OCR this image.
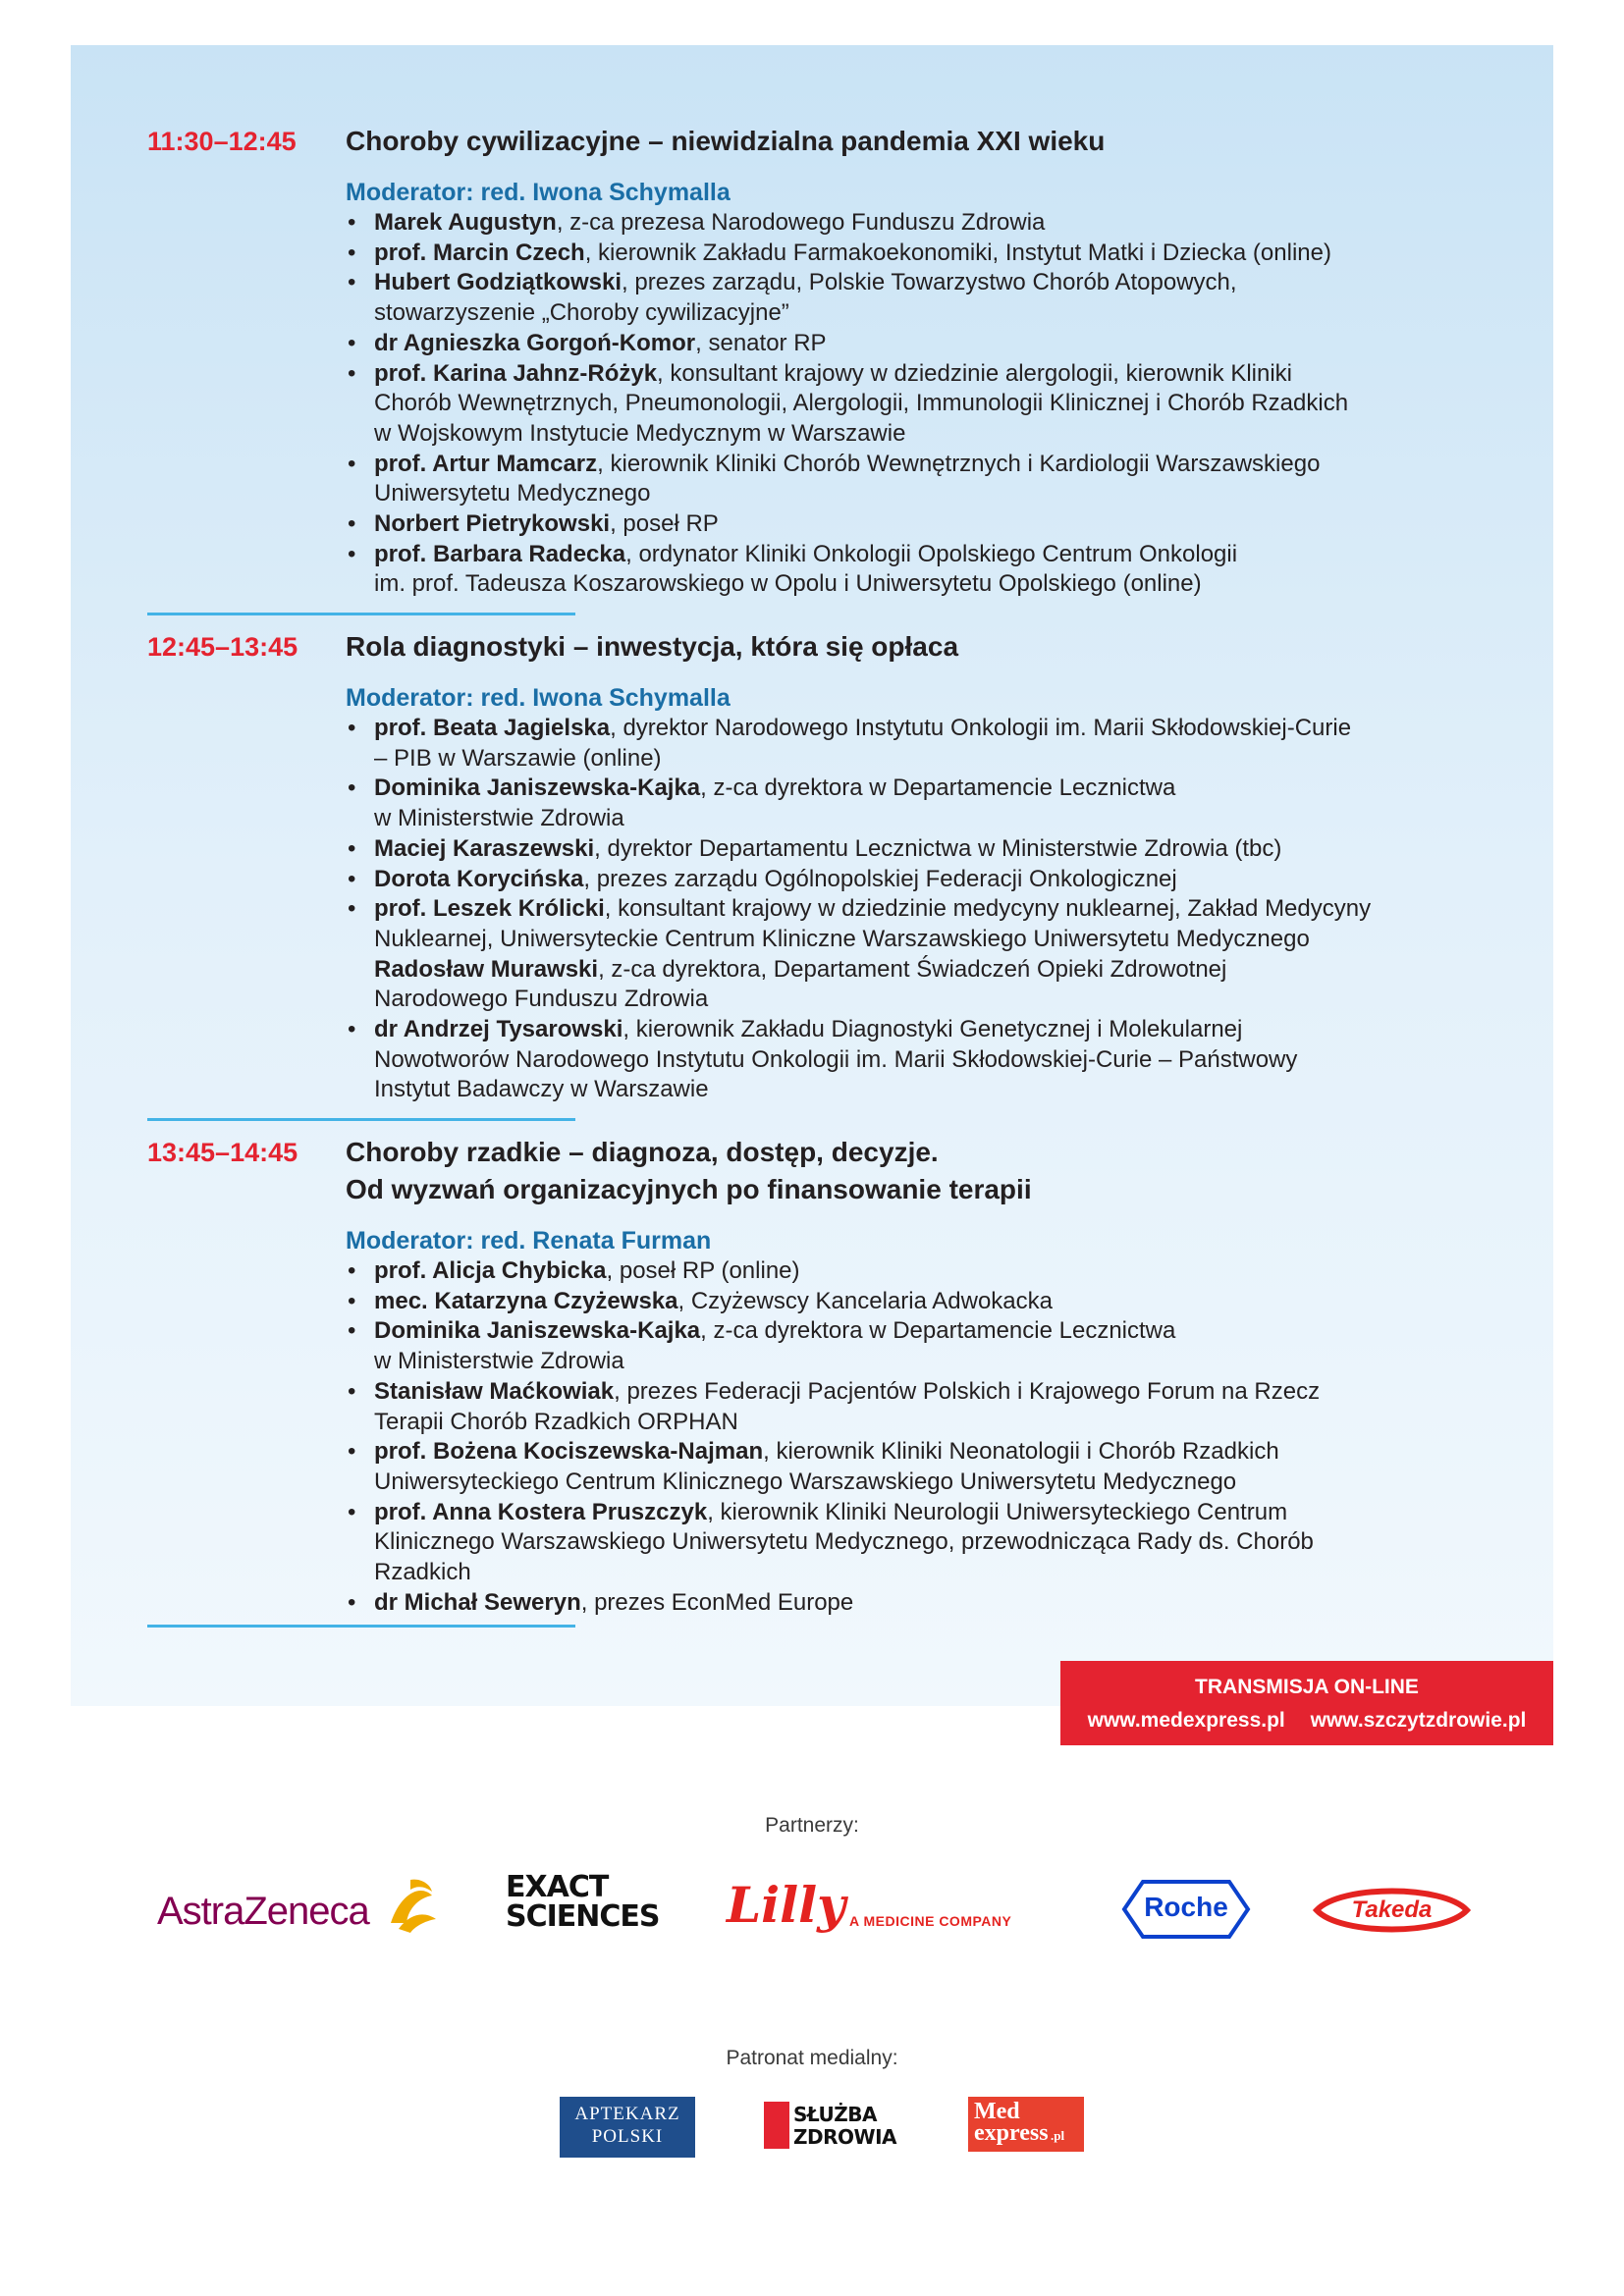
11:30–12:45	Choroby cywilizacyjne – niewidzialna pandemia XXI wieku
Moderator: red. Iwona Schymalla
• Marek Augustyn, z-ca prezesa Narodowego Funduszu Zdrowia
• prof. Marcin Czech, kierownik Zakładu Farmakoekonomiki, Instytut Matki i Dziecka (online)
• Hubert Godziątkowski, prezes zarządu, Polskie Towarzystwo Chorób Atopowych,
stowarzyszenie „Choroby cywilizacyjne”
• dr Agnieszka Gorgoń-Komor, senator RP
• prof. Karina Jahnz-Różyk, konsultant krajowy w dziedzinie alergologii, kierownik Kliniki
Chorób Wewnętrznych, Pneumonologii, Alergologii, Immunologii Klinicznej i Chorób Rzadkich
w Wojskowym Instytucie Medycznym w Warszawie
• prof. Artur Mamcarz, kierownik Kliniki Chorób Wewnętrznych i Kardiologii Warszawskiego
Uniwersytetu Medycznego
• Norbert Pietrykowski, poseł RP
• prof. Barbara Radecka, ordynator Kliniki Onkologii Opolskiego Centrum Onkologii
im. prof. Tadeusza Koszarowskiego w Opolu i Uniwersytetu Opolskiego (online)
12:45–13:45	Rola diagnostyki – inwestycja, która się opłaca
Moderator: red. Iwona Schymalla
• prof. Beata Jagielska, dyrektor Narodowego Instytutu Onkologii im. Marii Skłodowskiej-Curie
– PIB w Warszawie (online)
• Dominika Janiszewska-Kajka, z-ca dyrektora w Departamencie Lecznictwa
w Ministerstwie Zdrowia
• Maciej Karaszewski, dyrektor Departamentu Lecznictwa w Ministerstwie Zdrowia (tbc)
• Dorota Korycińska, prezes zarządu Ogólnopolskiej Federacji Onkologicznej
• prof. Leszek Królicki, konsultant krajowy w dziedzinie medycyny nuklearnej, Zakład Medycyny
Nuklearnej, Uniwersyteckie Centrum Kliniczne Warszawskiego Uniwersytetu Medycznego
Radosław Murawski, z-ca dyrektora, Departament Świadczeń Opieki Zdrowotnej
Narodowego Funduszu Zdrowia
• dr Andrzej Tysarowski, kierownik Zakładu Diagnostyki Genetycznej i Molekularnej
Nowotworów Narodowego Instytutu Onkologii im. Marii Skłodowskiej-Curie – Państwowy
Instytut Badawczy w Warszawie
13:45–14:45	Choroby rzadkie – diagnoza, dostęp, decyzje.
Od wyzwań organizacyjnych po finansowanie terapii
Moderator: red. Renata Furman
• prof. Alicja Chybicka, poseł RP (online)
• mec. Katarzyna Czyżewska, Czyżewscy Kancelaria Adwokacka
• Dominika Janiszewska-Kajka, z-ca dyrektora w Departamencie Lecznictwa
w Ministerstwie Zdrowia
• Stanisław Maćkowiak, prezes Federacji Pacjentów Polskich i Krajowego Forum na Rzecz
Terapii Chorób Rzadkich ORPHAN
• prof. Bożena Kociszewska-Najman, kierownik Kliniki Neonatologii i Chorób Rzadkich
Uniwersyteckiego Centrum Klinicznego Warszawskiego Uniwersytetu Medycznego
• prof. Anna Kostera Pruszczyk, kierownik Kliniki Neurologii Uniwersyteckiego Centrum
Klinicznego Warszawskiego Uniwersytetu Medycznego, przewodnicząca Rady ds. Chorób
Rzadkich
• dr Michał Seweryn, prezes EconMed Europe
TRANSMISJA ON-LINE
www.medexpress.pl www.szczytzdrowie.pl
Partnerzy:
AstraZeneca
EXACT
SCIENCES Lilly A MEDICINE COMPANY	Roche	Takeda
Patronat medialny:
APTEKARZ
POLSKI
SŁUŻBA
ZDROWIA
Med
express .pl
